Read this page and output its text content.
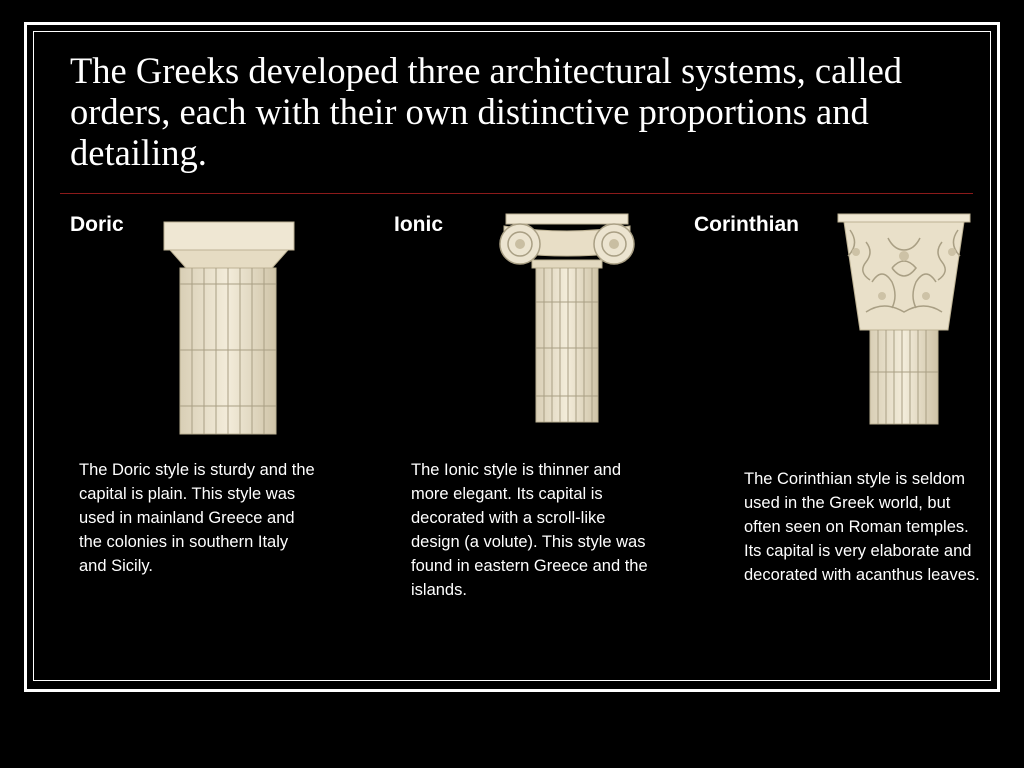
The Greeks developed three architectural systems, called orders, each with their own distinctive proportions and detailing.
Doric

The Doric style is sturdy and the capital is plain. This style was used in mainland Greece and the colonies in southern Italy and Sicily.

Ionic

The Ionic style is thinner and more elegant. Its capital is decorated with a scroll-like design (a volute). This style was found in eastern Greece and the islands.

Corinthian

The Corinthian style is seldom used in the Greek world, but often seen on Roman temples. Its capital is very elaborate and decorated with acanthus leaves.
